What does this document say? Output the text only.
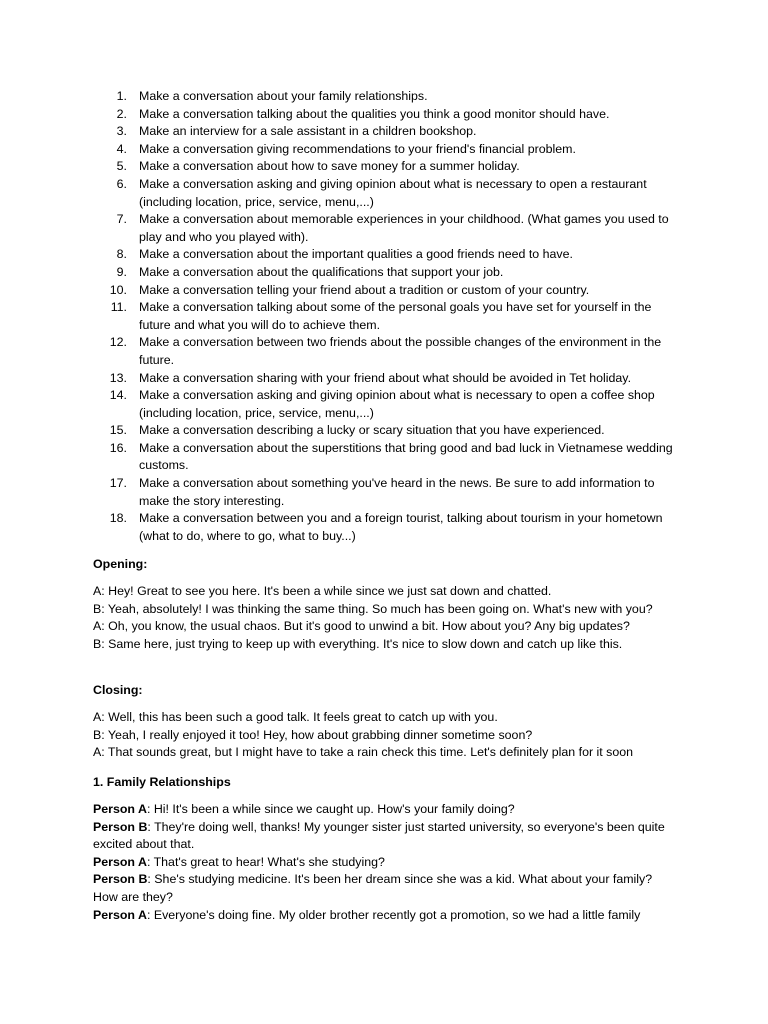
1. Make a conversation about your family relationships.
2. Make a conversation talking about the qualities you think a good monitor should have.
3. Make an interview for a sale assistant in a children bookshop.
4. Make a conversation giving recommendations to your friend's financial problem.
5. Make a conversation about how to save money for a summer holiday.
6. Make a conversation asking and giving opinion about what is necessary to open a restaurant (including location, price, service, menu,...)
7. Make a conversation about memorable experiences in your childhood. (What games you used to play and who you played with).
8. Make a conversation about the important qualities a good friends need to have.
9. Make a conversation about the qualifications that support your job.
10. Make a conversation telling your friend about a tradition or custom of your country.
11. Make a conversation talking about some of the personal goals you have set for yourself in the future and what you will do to achieve them.
12. Make a conversation between two friends about the possible changes of the environment in the future.
13. Make a conversation sharing with your friend about what should be avoided in Tet holiday.
14. Make a conversation asking and giving opinion about what is necessary to open a coffee shop (including location, price, service, menu,...)
15. Make a conversation describing a lucky or scary situation that you have experienced.
16. Make a conversation about the superstitions that bring good and bad luck in Vietnamese wedding customs.
17. Make a conversation about something you've heard in the news. Be sure to add information to make the story interesting.
18. Make a conversation between you and a foreign tourist, talking about tourism in your hometown (what to do, where to go, what to buy...)
Opening:

A: Hey! Great to see you here. It's been a while since we just sat down and chatted.

B: Yeah, absolutely! I was thinking the same thing. So much has been going on. What's new with you?

A: Oh, you know, the usual chaos. But it's good to unwind a bit. How about you? Any big updates?

B: Same here, just trying to keep up with everything. It's nice to slow down and catch up like this.

Closing:

A: Well, this has been such a good talk. It feels great to catch up with you.

B: Yeah, I really enjoyed it too! Hey, how about grabbing dinner sometime soon?

A: That sounds great, but I might have to take a rain check this time. Let's definitely plan for it soon

1. Family Relationships

Person A: Hi! It's been a while since we caught up. How's your family doing?

Person B: They're doing well, thanks! My younger sister just started university, so everyone's been quite excited about that.

Person A: That's great to hear! What's she studying?

Person B: She's studying medicine. It's been her dream since she was a kid. What about your family? How are they?

Person A: Everyone's doing fine. My older brother recently got a promotion, so we had a little family
